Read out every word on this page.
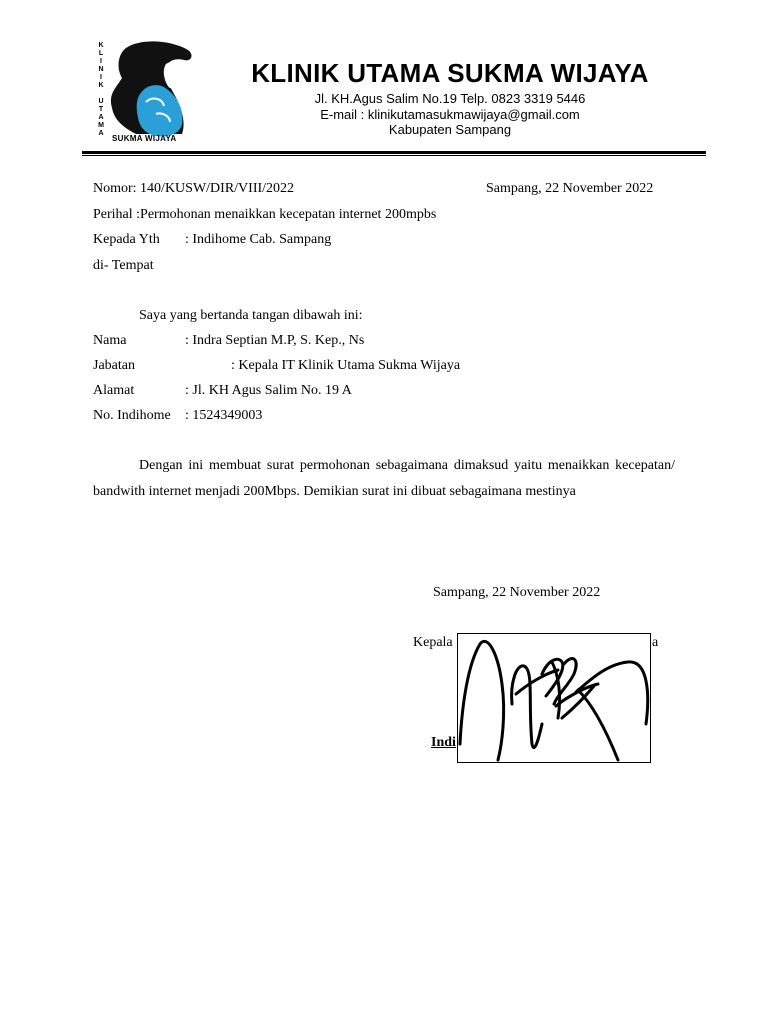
K
L
I
N
I
K

U
T
A
M
A
SUKMA WIJAYA
KLINIK UTAMA SUKMA WIJAYA
Jl. KH.Agus Salim No.19 Telp. 0823 3319 5446
E-mail : klinikutamasukmawijaya@gmail.com
Kabupaten Sampang
Nomor: 140/KUSW/DIR/VIII/2022	Sampang, 22 November 2022
Perihal :Permohonan menaikkan kecepatan internet 200mpbs
Kepada Yth : Indihome Cab. Sampang
di- Tempat
Saya yang bertanda tangan dibawah ini:
Nama	: Indra Septian M.P, S. Kep., Ns
Jabatan	: Kepala IT Klinik Utama Sukma Wijaya
Alamat	: Jl. KH Agus Salim No. 19 A
No. Indihome : 1524349003
Dengan ini membuat surat permohonan sebagaimana dimaksud yaitu menaikkan kecepatan/ bandwith internet menjadi 200Mbps. Demikian surat ini dibuat sebagaimana mestinya
Sampang, 22 November 2022
Kepala	a
Indi
